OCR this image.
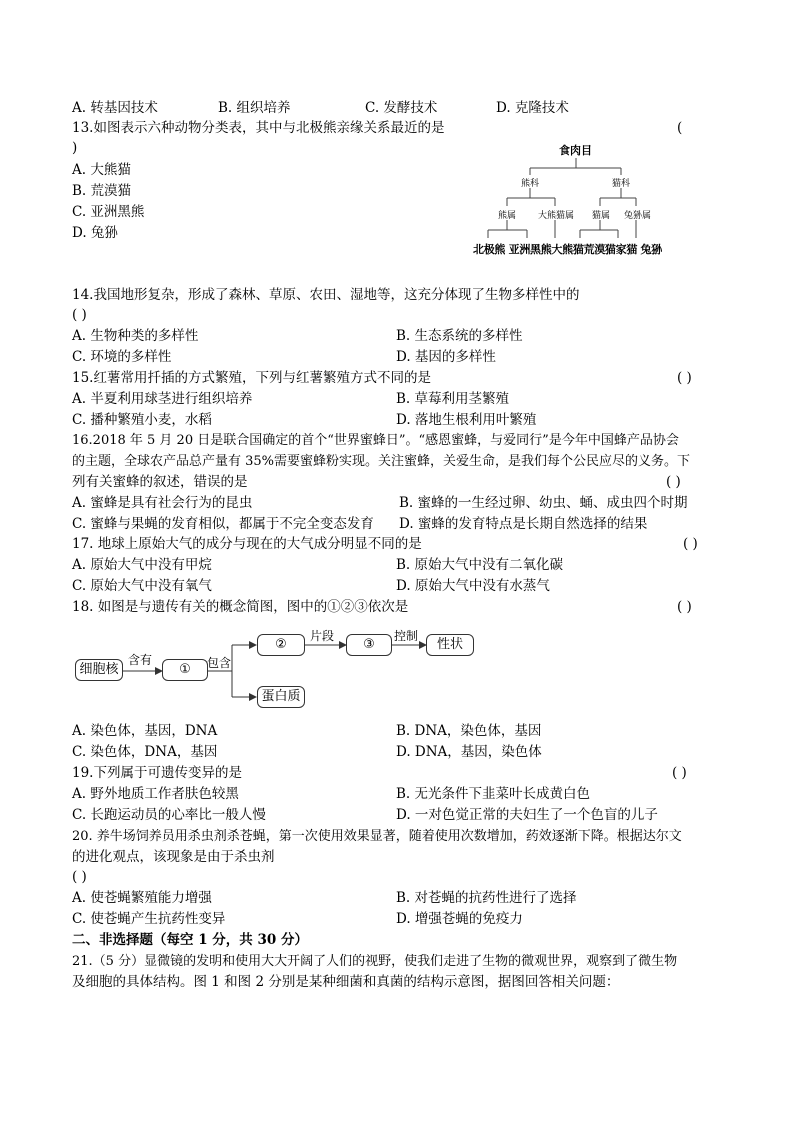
A. 转基因技术	B. 组织培养	C. 发酵技术	D. 克隆技术
13.如图表示六种动物分类表，其中与北极熊亲缘关系最近的是	(
)
A. 大熊猫
B. 荒漠猫
C. 亚洲黑熊
D. 兔狲
食肉目
熊科	猫科
熊属 大熊猫属 猫属 兔狲属
北极熊 亚洲黑熊大熊猫荒漠猫家猫 兔狲
14.我国地形复杂，形成了森林、草原、农田、湿地等，这充分体现了生物多样性中的
( )
A. 生物种类的多样性	B. 生态系统的多样性
C. 环境的多样性	D. 基因的多样性
15.红薯常用扦插的方式繁殖，下列与红薯繁殖方式不同的是	( )
A. 半夏利用球茎进行组织培养	B. 草莓利用茎繁殖
C. 播种繁殖小麦，水稻	D. 落地生根利用叶繁殖
16.2018 年 5 月 20 日是联合国确定的首个“世界蜜蜂日”。“感恩蜜蜂，与爱同行”是今年中国蜂产品协会
的主题，全球农产品总产量有 35%需要蜜蜂粉实现。关注蜜蜂，关爱生命，是我们每个公民应尽的义务。下
列有关蜜蜂的叙述，错误的是	( )
A. 蜜蜂是具有社会行为的昆虫	B. 蜜蜂的一生经过卵、幼虫、蛹、成虫四个时期
C. 蜜蜂与果蝇的发育相似，都属于不完全变态发育 D. 蜜蜂的发育特点是长期自然选择的结果
17. 地球上原始大气的成分与现在的大气成分明显不同的是	( )
A. 原始大气中没有甲烷	B. 原始大气中没有二氧化碳
C. 原始大气中没有氧气	D. 原始大气中没有水蒸气
18. 如图是与遗传有关的概念简图，图中的①②③依次是	( )
细胞核
含有
①	包含
②
片段
③
控制
性状
蛋白质
A. 染色体，基因，DNA	B. DNA，染色体，基因
C. 染色体，DNA，基因	D. DNA，基因，染色体
19.下列属于可遗传变异的是	( )
A. 野外地质工作者肤色较黑	B. 无光条件下韭菜叶长成黄白色
C. 长跑运动员的心率比一般人慢	D. 一对色觉正常的夫妇生了一个色盲的儿子
20. 养牛场饲养员用杀虫剂杀苍蝇，第一次使用效果显著，随着使用次数增加，药效逐渐下降。根据达尔文
的进化观点，该现象是由于杀虫剂
( )
A. 使苍蝇繁殖能力增强	B. 对苍蝇的抗药性进行了选择
C. 使苍蝇产生抗药性变异	D. 增强苍蝇的免疫力
二、非选择题（每空 1 分，共 30 分）
21.（5 分）显微镜的发明和使用大大开阔了人们的视野，使我们走进了生物的微观世界，观察到了微生物
及细胞的具体结构。图 1 和图 2 分别是某种细菌和真菌的结构示意图，据图回答相关问题：
